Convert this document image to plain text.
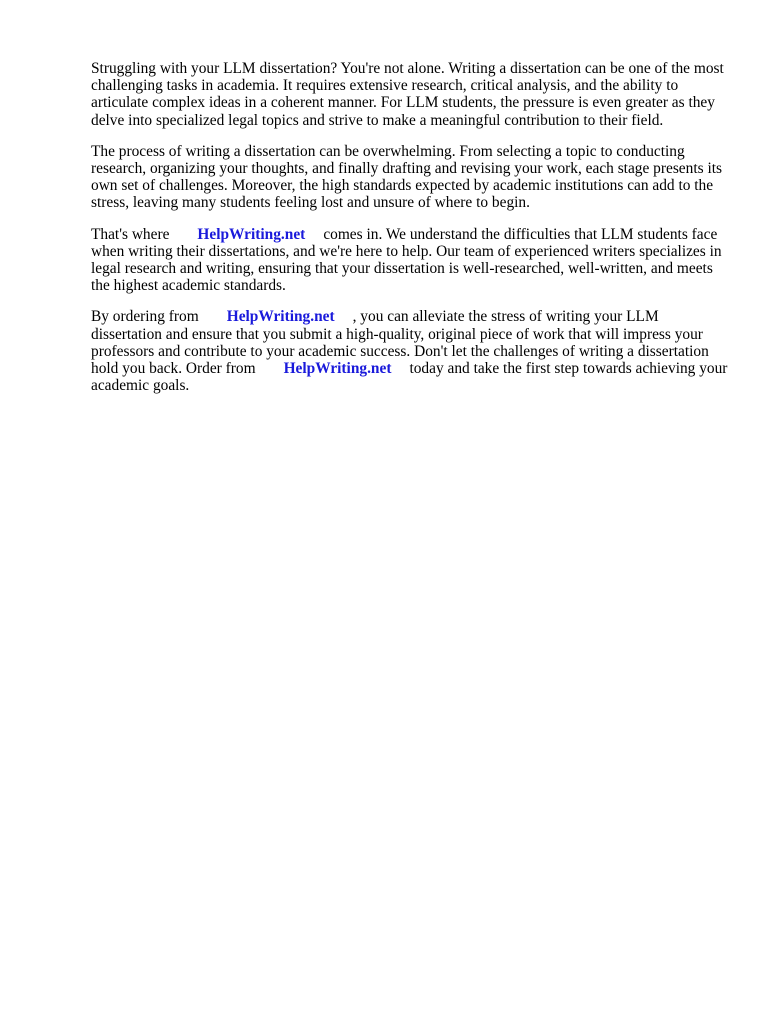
Struggling with your LLM dissertation? You're not alone. Writing a dissertation can be one of the most challenging tasks in academia. It requires extensive research, critical analysis, and the ability to articulate complex ideas in a coherent manner. For LLM students, the pressure is even greater as they delve into specialized legal topics and strive to make a meaningful contribution to their field.

The process of writing a dissertation can be overwhelming. From selecting a topic to conducting research, organizing your thoughts, and finally drafting and revising your work, each stage presents its own set of challenges. Moreover, the high standards expected by academic institutions can add to the stress, leaving many students feeling lost and unsure of where to begin.

That's where HelpWriting.net comes in. We understand the difficulties that LLM students face when writing their dissertations, and we're here to help. Our team of experienced writers specializes in legal research and writing, ensuring that your dissertation is well-researched, well-written, and meets the highest academic standards.

By ordering from HelpWriting.net , you can alleviate the stress of writing your LLM dissertation and ensure that you submit a high-quality, original piece of work that will impress your professors and contribute to your academic success. Don't let the challenges of writing a dissertation hold you back. Order from HelpWriting.net today and take the first step towards achieving your academic goals.
